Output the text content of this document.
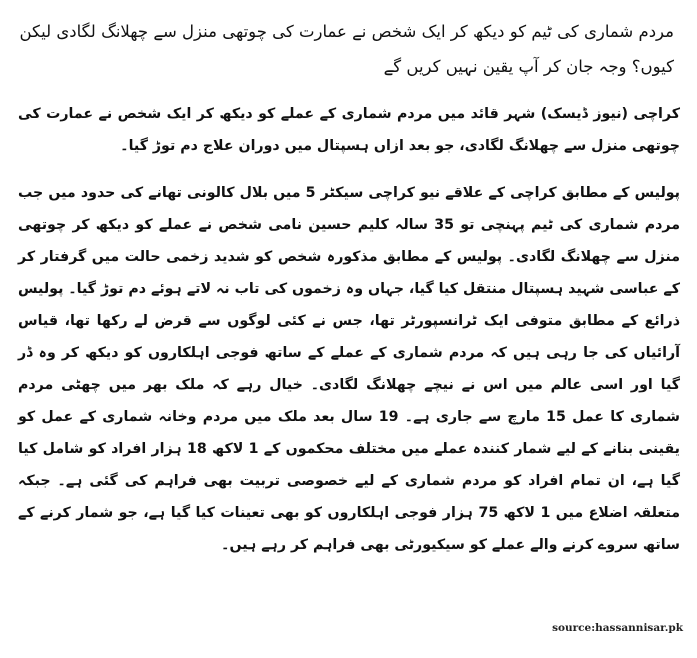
مردم شماری کی ٹیم کو دیکھ کر ایک شخص نے عمارت کی چوتھی منزل سے چھلانگ لگادی لیکن کیوں؟ وجہ جان کر آپ یقین نہیں کریں گے

کراچی (نیوز ڈیسک) شہر قائد میں مردم شماری کے عملے کو دیکھ کر ایک شخص نے عمارت کی چوتھی منزل سے چھلانگ لگادی، جو بعد ازاں ہسپتال میں دوران علاج دم توڑ گیا۔

پولیس کے مطابق کراچی کے علاقے نیو کراچی سیکٹر 5 میں بلال کالونی تھانے کی حدود میں جب مردم شماری کی ٹیم پہنچی تو 35 سالہ کلیم حسین نامی شخص نے عملے کو دیکھ کر چوتھی منزل سے چھلانگ لگادی۔ پولیس کے مطابق مذکورہ شخص کو شدید زخمی حالت میں گرفتار کر کے عباسی شہید ہسپتال منتقل کیا گیا، جہاں وہ زخموں کی تاب نہ لاتے ہوئے دم توڑ گیا۔ پولیس ذرائع کے مطابق متوفی ایک ٹرانسپورٹر تھا، جس نے کئی لوگوں سے قرض لے رکھا تھا، قیاس آرائیاں کی جا رہی ہیں کہ مردم شماری کے عملے کے ساتھ فوجی اہلکاروں کو دیکھ کر وہ ڈر گیا اور اسی عالم میں اس نے نیچے چھلانگ لگادی۔ خیال رہے کہ ملک بھر میں چھٹی مردم شماری کا عمل 15 مارچ سے جاری ہے۔ 19 سال بعد ملک میں مردم وخانہ شماری کے عمل کو یقینی بنانے کے لیے شمار کنندہ عملے میں مختلف محکموں کے 1 لاکھ 18 ہزار افراد کو شامل کیا گیا ہے، ان تمام افراد کو مردم شماری کے لیے خصوصی تربیت بھی فراہم کی گئی ہے۔ جبکہ متعلقہ اضلاع میں 1 لاکھ 75 ہزار فوجی اہلکاروں کو بھی تعینات کیا گیا ہے، جو شمار کرنے کے ساتھ سروے کرنے والے عملے کو سیکیورٹی بھی فراہم کر رہے ہیں۔

source:hassannisar.pk
